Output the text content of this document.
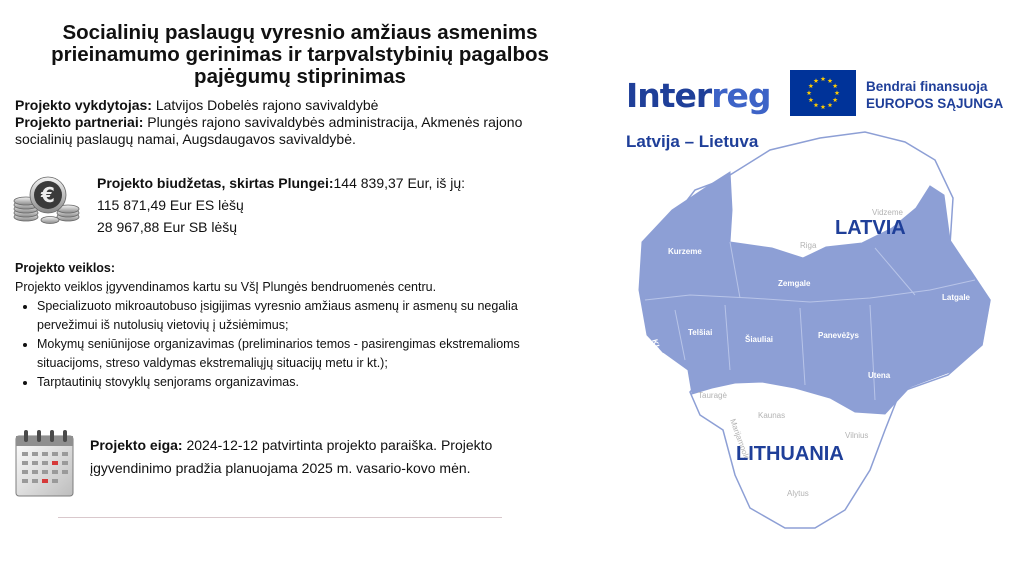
Socialinių paslaugų vyresnio amžiaus asmenims prieinamumo gerinimas ir tarpvalstybinių pagalbos pajėgumų stiprinimas
Projekto vykdytojas: Latvijos Dobelės rajono savivaldybė
Projekto partneriai: Plungės rajono savivaldybės administracija, Akmenės rajono socialinių paslaugų namai, Augsdaugavos savivaldybė.
€	Projekto biudžetas, skirtas Plungei:144 839,37 Eur, iš jų:
115 871,49 Eur ES lėšų
28 967,88 Eur SB lėšų
Projekto veiklos:
Projekto veiklos įgyvendinamos kartu su VšĮ Plungės bendruomenės centru.
• Specializuoto mikroautobuso įsigijimas vyresnio amžiaus asmenų ir asmenų su negalia pervežimui iš nutolusių vietovių į užsiėmimus;
• Mokymų seniūnijose organizavimas (preliminarios temos - pasirengimas ekstremalioms situacijoms, streso valdymas ekstremaliųjų situacijų metu ir kt.);
• Tarptautinių stovyklų senjorams organizavimas.
Projekto eiga: 2024-12-12 patvirtinta projekto paraiška. Projekto įgyvendinimo pradžia planuojama 2025 m. vasario-kovo mėn.
Kurzeme
Zemgale
Latgale
Telšiai
Šiauliai	Panevėžys
Utena
Klaipėda
Vidzeme
Riga
Tauragė
Kaunas
Marijampolė	Vilnius
Alytus
LATVIA
LITHUANIA
Interreg	Bendrai finansuoja
EUROPOS SĄJUNGA
Latvija – Lietuva
